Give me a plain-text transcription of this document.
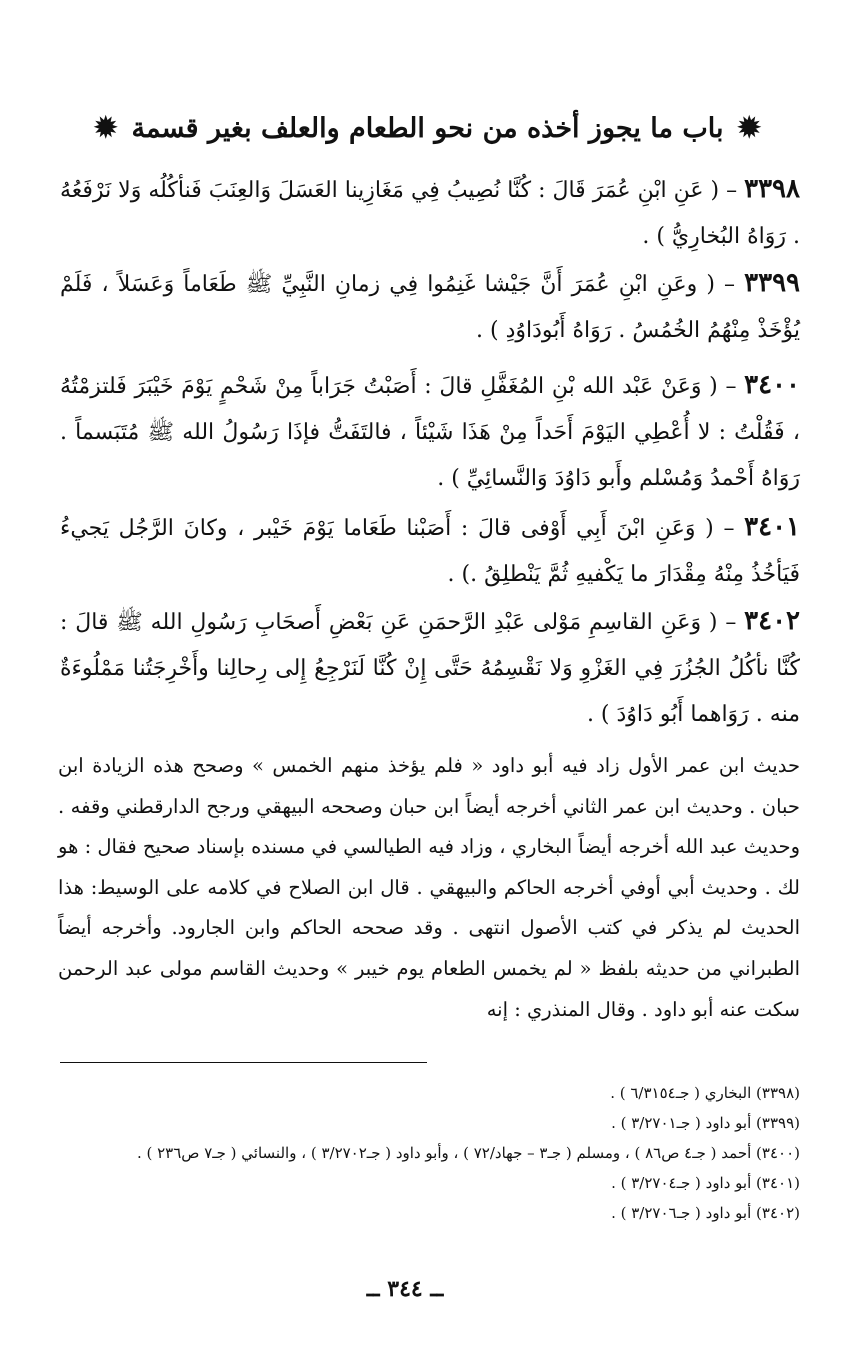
✹
باب ما يجوز أخذه من نحو الطعام والعلف بغير قسمة
✹

٣٣٩٨ – ( عَنِ ابْنِ عُمَرَ قَالَ : كُنَّا نُصِيبُ فِي مَغَازِينا العَسَلَ وَالعِنَبَ فَنأكُلُه وَلا نَرْفَعُهُ . رَوَاهُ البُخارِيُّ ) .

٣٣٩٩ – ( وعَنِ ابْنِ عُمَرَ أَنَّ جَيْشا غَنِمُوا فِي زمانِ النَّبِيِّ ﷺ طَعَاماً وَعَسَلاً ، فَلَمْ يُؤْخَذْ مِنْهُمُ الخُمُسُ . رَوَاهُ أَبُودَاوُدِ ) .

٣٤٠٠ – ( وَعَنْ عَبْد الله بْنِ المُغَفَّلِ قالَ : أَصَبْتُ جَرَاباً مِنْ شَحْمٍ يَوْمَ خَيْبَرَ فَلتزمْتُهُ ، فَقُلْتُ : لا أُعْطِي اليَوْمَ أَحَداً مِنْ هَذَا شَيْئاً ، فالتَفَتُّ فإذَا رَسُولُ الله ﷺ مُتَبَسماً . رَوَاهُ أَحْمدُ وَمُسْلم وأَبو دَاوُدَ وَالنَّسائِيِّ ) .

٣٤٠١ – ( وَعَنِ ابْنَ أَبِي أَوْفى قالَ : أَصَبْنا طَعَاما يَوْمَ خَيْبر ، وكانَ الرَّجُل يَجيءُ فَيَأخُذُ مِنْهُ مِقْدَارَ ما يَكْفيهِ ثُمَّ يَنْطلِقُ .) .

٣٤٠٢ – ( وَعَنِ القاسِمِ مَوْلى عَبْدِ الرَّحمَنِ عَنِ بَعْضِ أَصحَابِ رَسُولِ الله ﷺ قالَ : كُنَّا نأكُلُ الجُزُرَ فِي الغَزْوِ وَلا نَقْسِمُهُ حَتَّى إِنْ كُنَّا لَنَرْجِعُ إِلى رِحالِنا وأَخْرِجَتُنا مَمْلُوءَةٌ منه . رَوَاهما أَبُو دَاوُدَ ) .

حديث ابن عمر الأول زاد فيه أبو داود « فلم يؤخذ منهم الخمس » وصحح هذه الزيادة ابن حبان . وحديث ابن عمر الثاني أخرجه أيضاً ابن حبان وصححه البيهقي ورجح الدارقطني وقفه . وحديث عبد الله أخرجه أيضاً البخاري ، وزاد فيه الطيالسي في مسنده بإسناد صحيح فقال : هو لك . وحديث أبي أوفي أخرجه الحاكم والبيهقي . قال ابن الصلاح في كلامه على الوسيط: هذا الحديث لم يذكر في كتب الأصول انتهى . وقد صححه الحاكم وابن الجارود. وأخرجه أيضاً الطبراني من حديثه بلفظ « لم يخمس الطعام يوم خيبر » وحديث القاسم مولى عبد الرحمن سكت عنه أبو داود . وقال المنذري : إنه

(٣٣٩٨) البخاري ( جـ٦/٣١٥٤ ) .

(٣٣٩٩) أبو داود ( جـ٣/٢٧٠١ ) .

(٣٤٠٠) أحمد ( جـ٤ ص٨٦ ) ، ومسلم ( جـ٣ – جهاد/٧٢ ) ، وأبو داود ( جـ٣/٢٧٠٢ ) ، والنسائي ( جـ٧ ص٢٣٦ ) .

(٣٤٠١) أبو داود ( جـ٣/٢٧٠٤ ) .

(٣٤٠٢) أبو داود ( جـ٣/٢٧٠٦ ) .

ــ ٣٤٤ ــ
